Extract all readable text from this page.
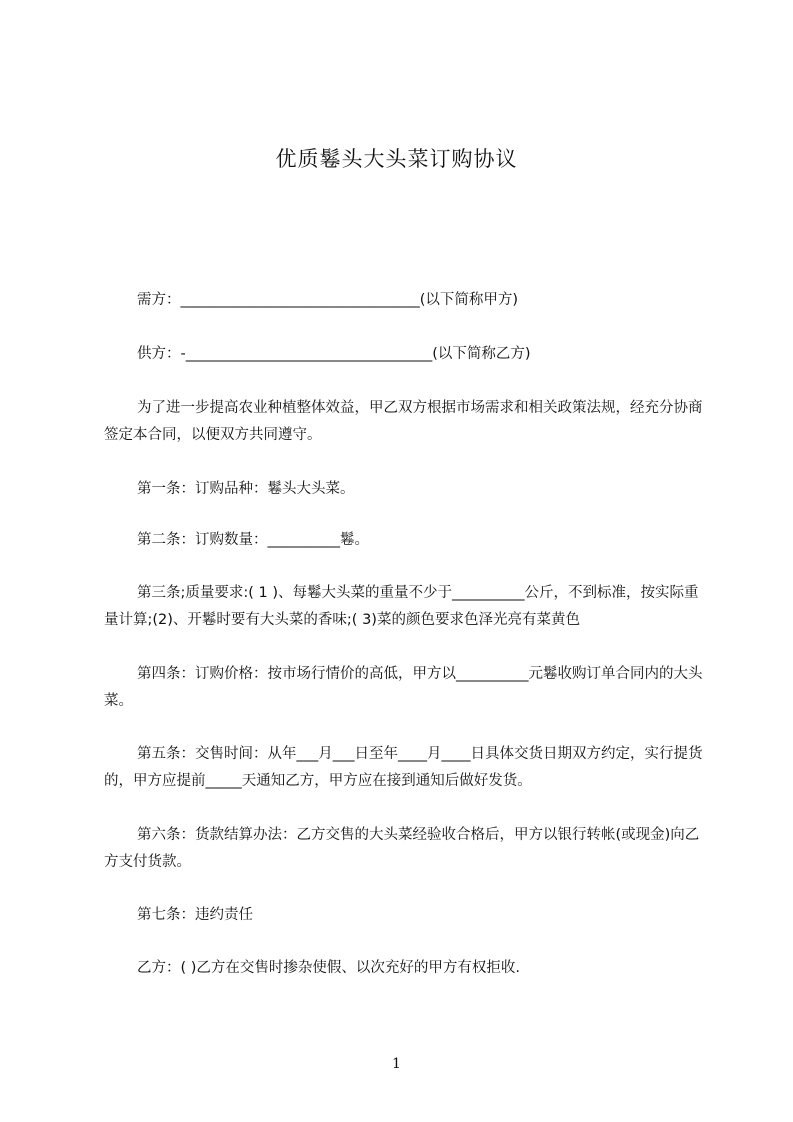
优质鬈头大头菜订购协议
需方：_________________________________(以下简称甲方)
供方：-__________________________________(以下简称乙方)
为了进一步提高农业种植整体效益，甲乙双方根据市场需求和相关政策法规，经充分协商签定本合同，以便双方共同遵守。
第一条：订购品种：鬈头大头菜。
第二条：订购数量：__________鬈。
第三条;质量要求:( 1 )、每鬈大头菜的重量不少于__________公斤，不到标准，按实际重量计算;(2)、开鬈时要有大头菜的香味;( 3)菜的颜色要求色泽光亮有菜黄色
第四条：订购价格：按市场行情价的高低，甲方以__________元鬈收购订单合同内的大头菜。
第五条：交售时间：从年___月___日至年____月____日具体交货日期双方约定，实行提货的，甲方应提前_____天通知乙方，甲方应在接到通知后做好发货。
第六条：货款结算办法：乙方交售的大头菜经验收合格后，甲方以银行转帐(或现金)向乙方支付货款。
第七条：违约责任
乙方：( )乙方在交售时掺杂使假、以次充好的甲方有权拒收.
1
